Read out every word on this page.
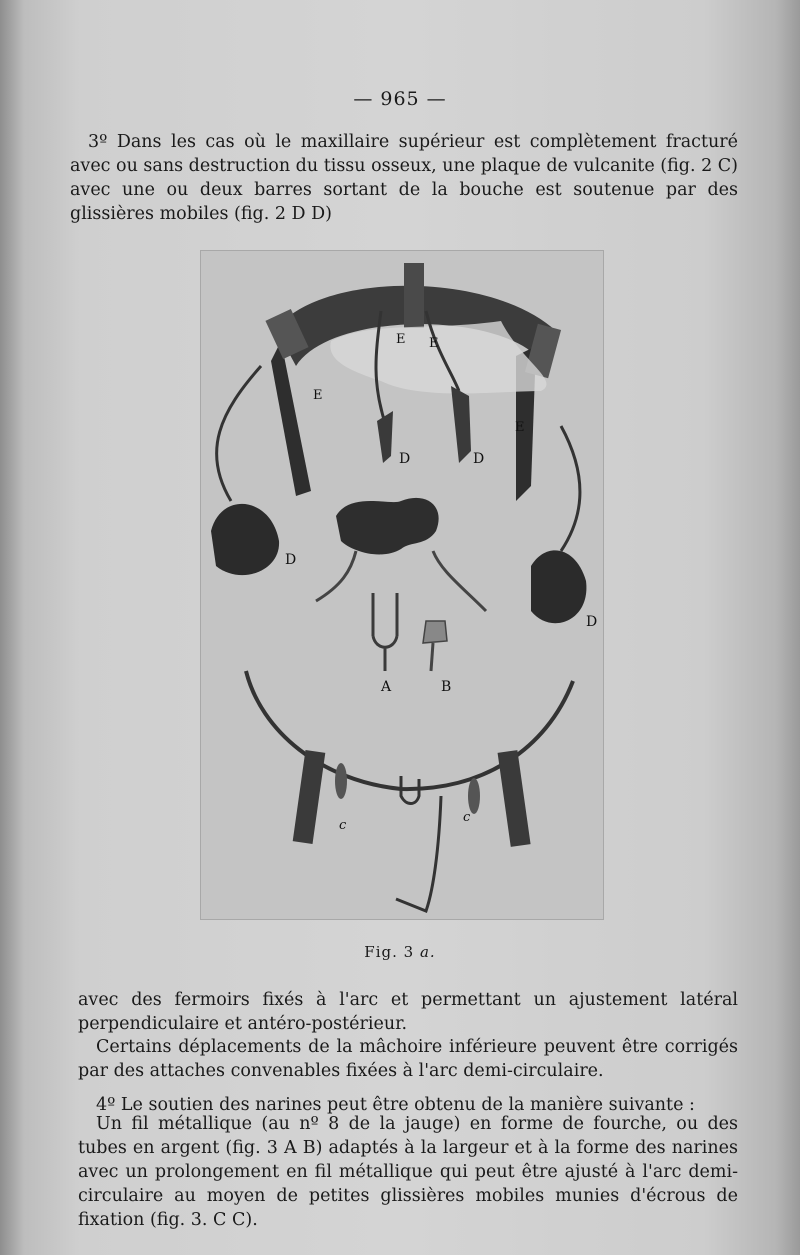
— 965 —
3º Dans les cas où le maxillaire supérieur est complètement fracturé avec ou sans destruction du tissu osseux, une plaque de vulcanite (fig. 2 C) avec une ou deux barres sortant de la bouche est soutenue par des glissières mobiles (fig. 2 D D)
E
E E
E
D	D
D
D
A	B
c
c
Fig. 3 a.
avec des fermoirs fixés à l'arc et permettant un ajustement latéral perpendiculaire et antéro-postérieur.
Certains déplacements de la mâchoire inférieure peuvent être corrigés par des attaches convenables fixées à l'arc demi-circulaire.
4º Le soutien des narines peut être obtenu de la manière suivante :
Un fil métallique (au nº 8 de la jauge) en forme de fourche, ou des tubes en argent (fig. 3 A B) adaptés à la largeur et à la forme des narines avec un prolongement en fil métallique qui peut être ajusté à l'arc demi-circulaire au moyen de petites glissières mobiles munies d'écrous de fixation (fig. 3. C C).
